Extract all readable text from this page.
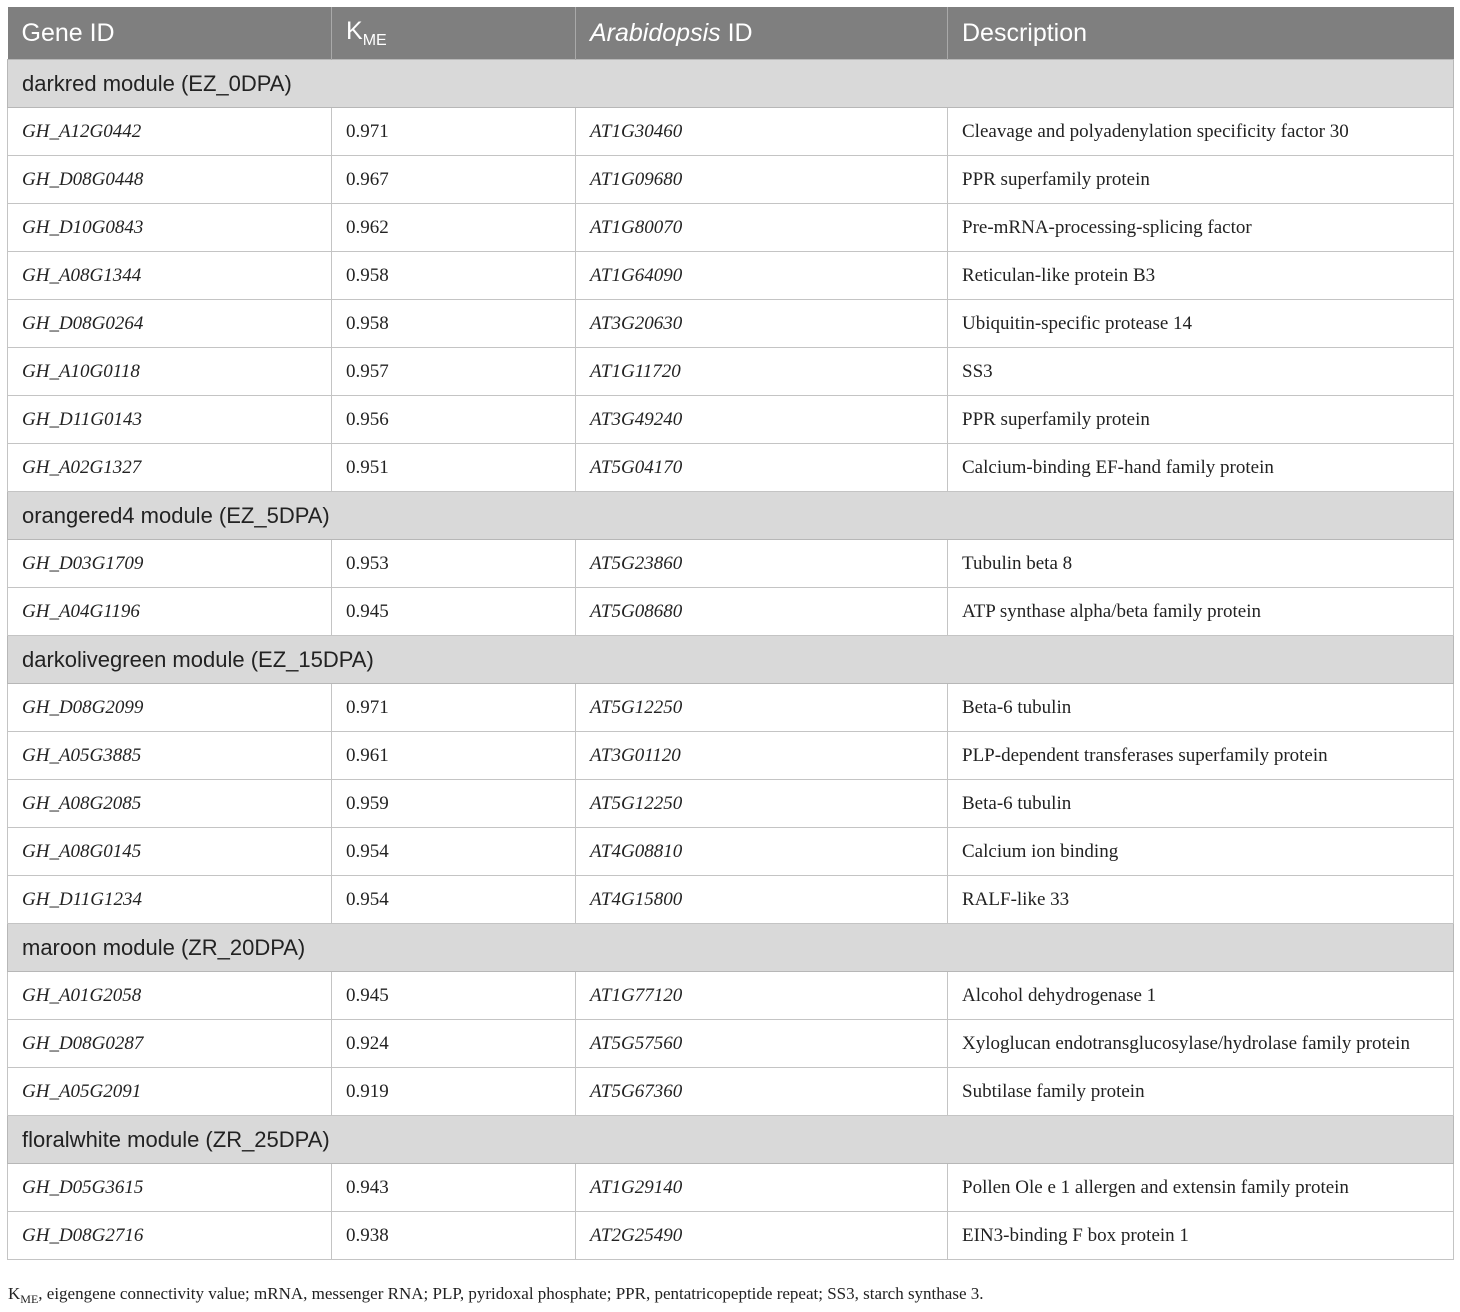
Gene ID	$K_{ME}$	Arabidopsis ID	Description
darkred module (EZ_0DPA)			
GH_A12G0442	0.971	AT1G30460	Cleavage and polyadenylation specificity factor 30
GH_D08G0448	0.967	AT1G09680	PPR superfamily protein
GH_D10G0843	0.962	AT1G80070	Pre-mRNA-processing-splicing factor
GH_A08G1344	0.958	AT1G64090	Reticulan-like protein B3
GH_D08G0264	0.958	AT3G20630	Ubiquitin-specific protease 14
GH_A10G0118	0.957	AT1G11720	SS3
GH_D11G0143	0.956	AT3G49240	PPR superfamily protein
GH_A02G1327	0.951	AT5G04170	Calcium-binding EF-hand family protein
orangered4 module (EZ_5DPA)			
GH_D03G1709	0.953	AT5G23860	Tubulin beta 8
GH_A04G1196	0.945	AT5G08680	ATP synthase alpha/beta family protein
darkolivegreen module (EZ_15DPA)			
GH_D08G2099	0.971	AT5G12250	Beta-6 tubulin
GH_A05G3885	0.961	AT3G01120	PLP-dependent transferases superfamily protein
GH_A08G2085	0.959	AT5G12250	Beta-6 tubulin
GH_A08G0145	0.954	AT4G08810	Calcium ion binding
GH_D11G1234	0.954	AT4G15800	RALF-like 33
maroon module (ZR_20DPA)			
GH_A01G2058	0.945	AT1G77120	Alcohol dehydrogenase 1
GH_D08G0287	0.924	AT5G57560	Xyloglucan endotransglucosylase/hydrolase family protein
GH_A05G2091	0.919	AT5G67360	Subtilase family protein
floralwhite module (ZR_25DPA)			
GH_D05G3615	0.943	AT1G29140	Pollen Ole e 1 allergen and extensin family protein
GH_D08G2716	0.938	AT2G25490	EIN3-binding F box protein 1
$K_{ME}$, eigengene connectivity value; mRNA, messenger RNA; PLP, pyridoxal phosphate; PPR, pentatricopeptide repeat; SS3, starch synthase 3.
